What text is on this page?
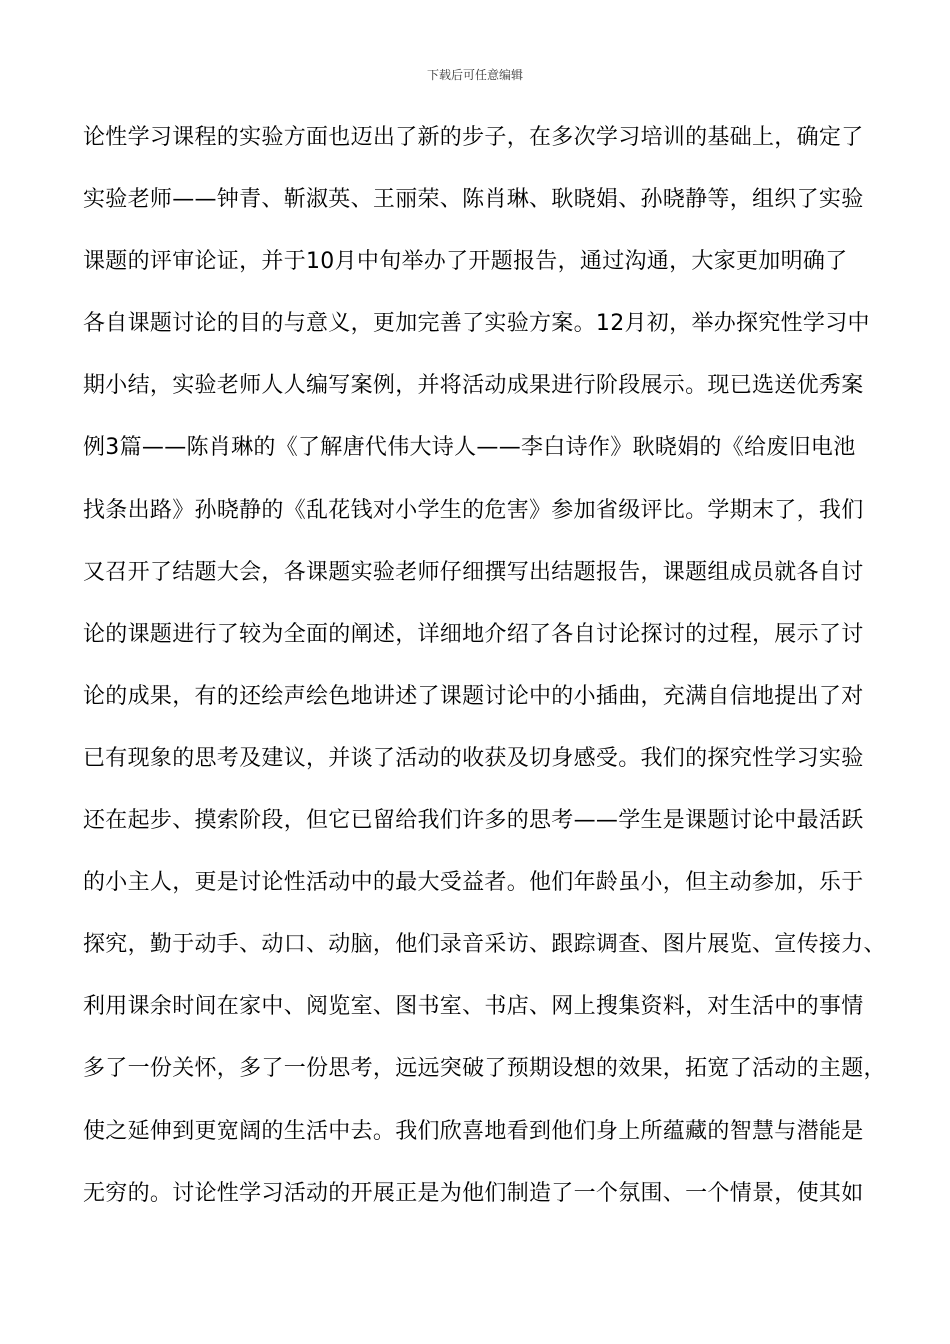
下载后可任意编辑
论性学习课程的实验方面也迈出了新的步子，在多次学习培训的基础上，确定了
实验老师——钟青、靳淑英、王丽荣、陈肖琳、耿晓娟、孙晓静等，组织了实验
课题的评审论证，并于10月中旬举办了开题报告，通过沟通，大家更加明确了
各自课题讨论的目的与意义，更加完善了实验方案。12月初，举办探究性学习中
期小结，实验老师人人编写案例，并将活动成果进行阶段展示。现已选送优秀案
例3篇——陈肖琳的《了解唐代伟大诗人——李白诗作》耿晓娟的《给废旧电池
找条出路》孙晓静的《乱花钱对小学生的危害》参加省级评比。学期末了，我们
又召开了结题大会，各课题实验老师仔细撰写出结题报告，课题组成员就各自讨
论的课题进行了较为全面的阐述，详细地介绍了各自讨论探讨的过程，展示了讨
论的成果，有的还绘声绘色地讲述了课题讨论中的小插曲，充满自信地提出了对
已有现象的思考及建议，并谈了活动的收获及切身感受。我们的探究性学习实验
还在起步、摸索阶段，但它已留给我们许多的思考——学生是课题讨论中最活跃
的小主人，更是讨论性活动中的最大受益者。他们年龄虽小，但主动参加，乐于
探究，勤于动手、动口、动脑，他们录音采访、跟踪调查、图片展览、宣传接力、
利用课余时间在家中、阅览室、图书室、书店、网上搜集资料，对生活中的事情
多了一份关怀，多了一份思考，远远突破了预期设想的效果，拓宽了活动的主题，
使之延伸到更宽阔的生活中去。我们欣喜地看到他们身上所蕴藏的智慧与潜能是
无穷的。讨论性学习活动的开展正是为他们制造了一个氛围、一个情景，使其如
